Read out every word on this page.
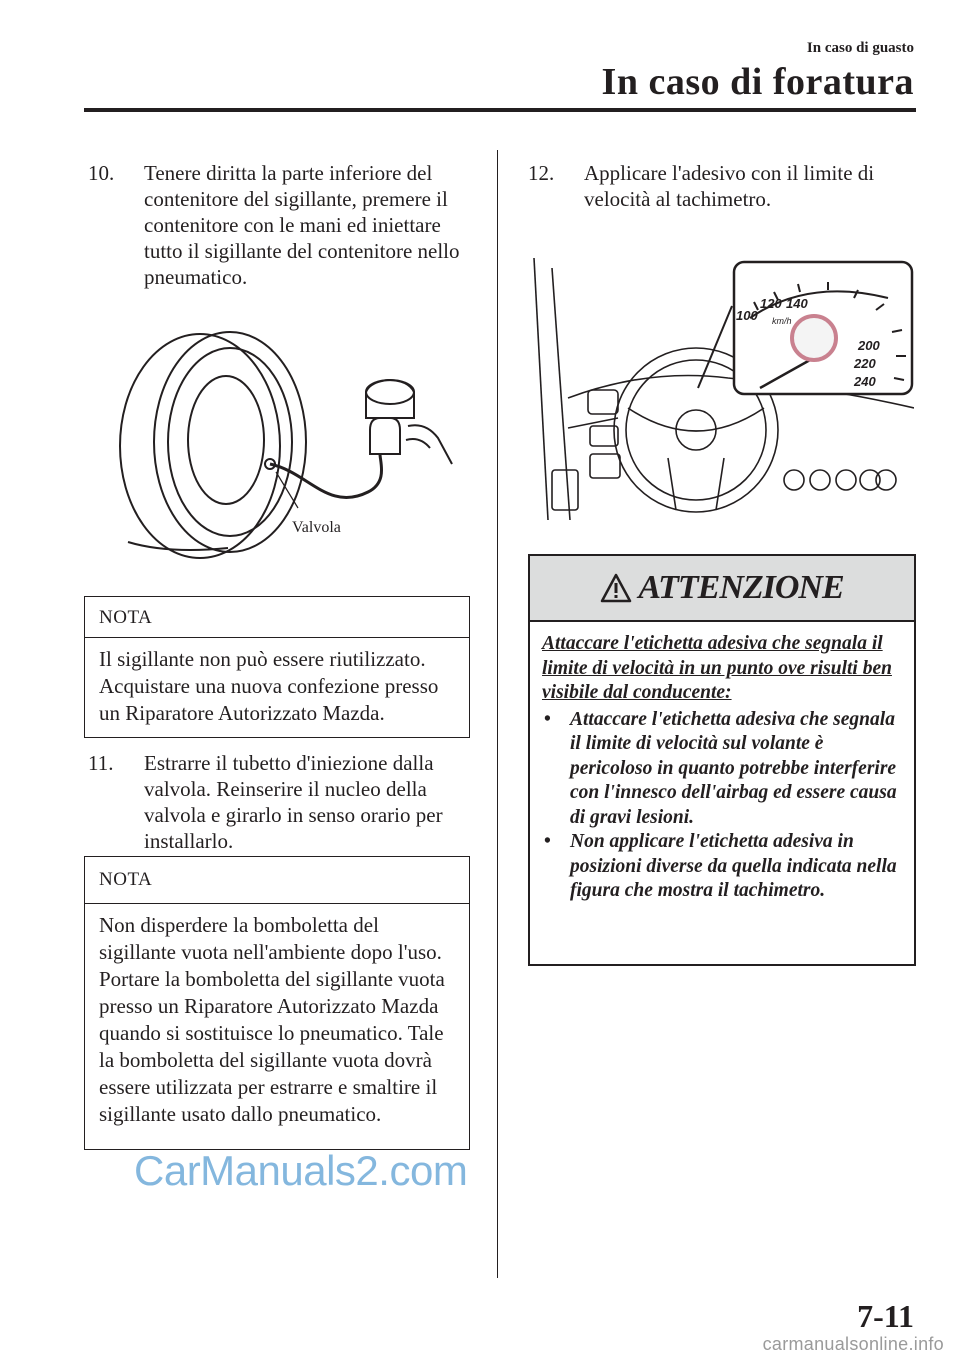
In caso di guasto
In caso di foratura
10. Tenere diritta la parte inferiore del contenitore del sigillante, premere il contenitore con le mani ed iniettare tutto il sigillante del contenitore nello pneumatico.
Valvola
NOTA
Il sigillante non può essere riutilizzato. Acquistare una nuova confezione presso un Riparatore Autorizzato Mazda.
11. Estrarre il tubetto d'iniezione dalla valvola. Reinserire il nucleo della valvola e girarlo in senso orario per installarlo.
NOTA
Non disperdere la bomboletta del sigillante vuota nell'ambiente dopo l'uso. Portare la bomboletta del sigillante vuota presso un Riparatore Autorizzato Mazda quando si sostituisce lo pneumatico. Tale la bomboletta del sigillante vuota dovrà essere utilizzata per estrarre e smaltire il sigillante usato dallo pneumatico.
12. Applicare l'adesivo con il limite di velocità al tachimetro.
100
120 140
km/h
200
220
240
ATTENZIONE

Attaccare l'etichetta adesiva che segnala il limite di velocità in un punto ove risulti ben visibile dal conducente:

• Attaccare l'etichetta adesiva che segnala il limite di velocità sul volante è pericoloso in quanto potrebbe interferire con l'innesco dell'airbag ed essere causa di gravi lesioni.

• Non applicare l'etichetta adesiva in posizioni diverse da quella indicata nella figura che mostra il tachimetro.

CarManuals2.com
7-11
carmanualsonline.info
